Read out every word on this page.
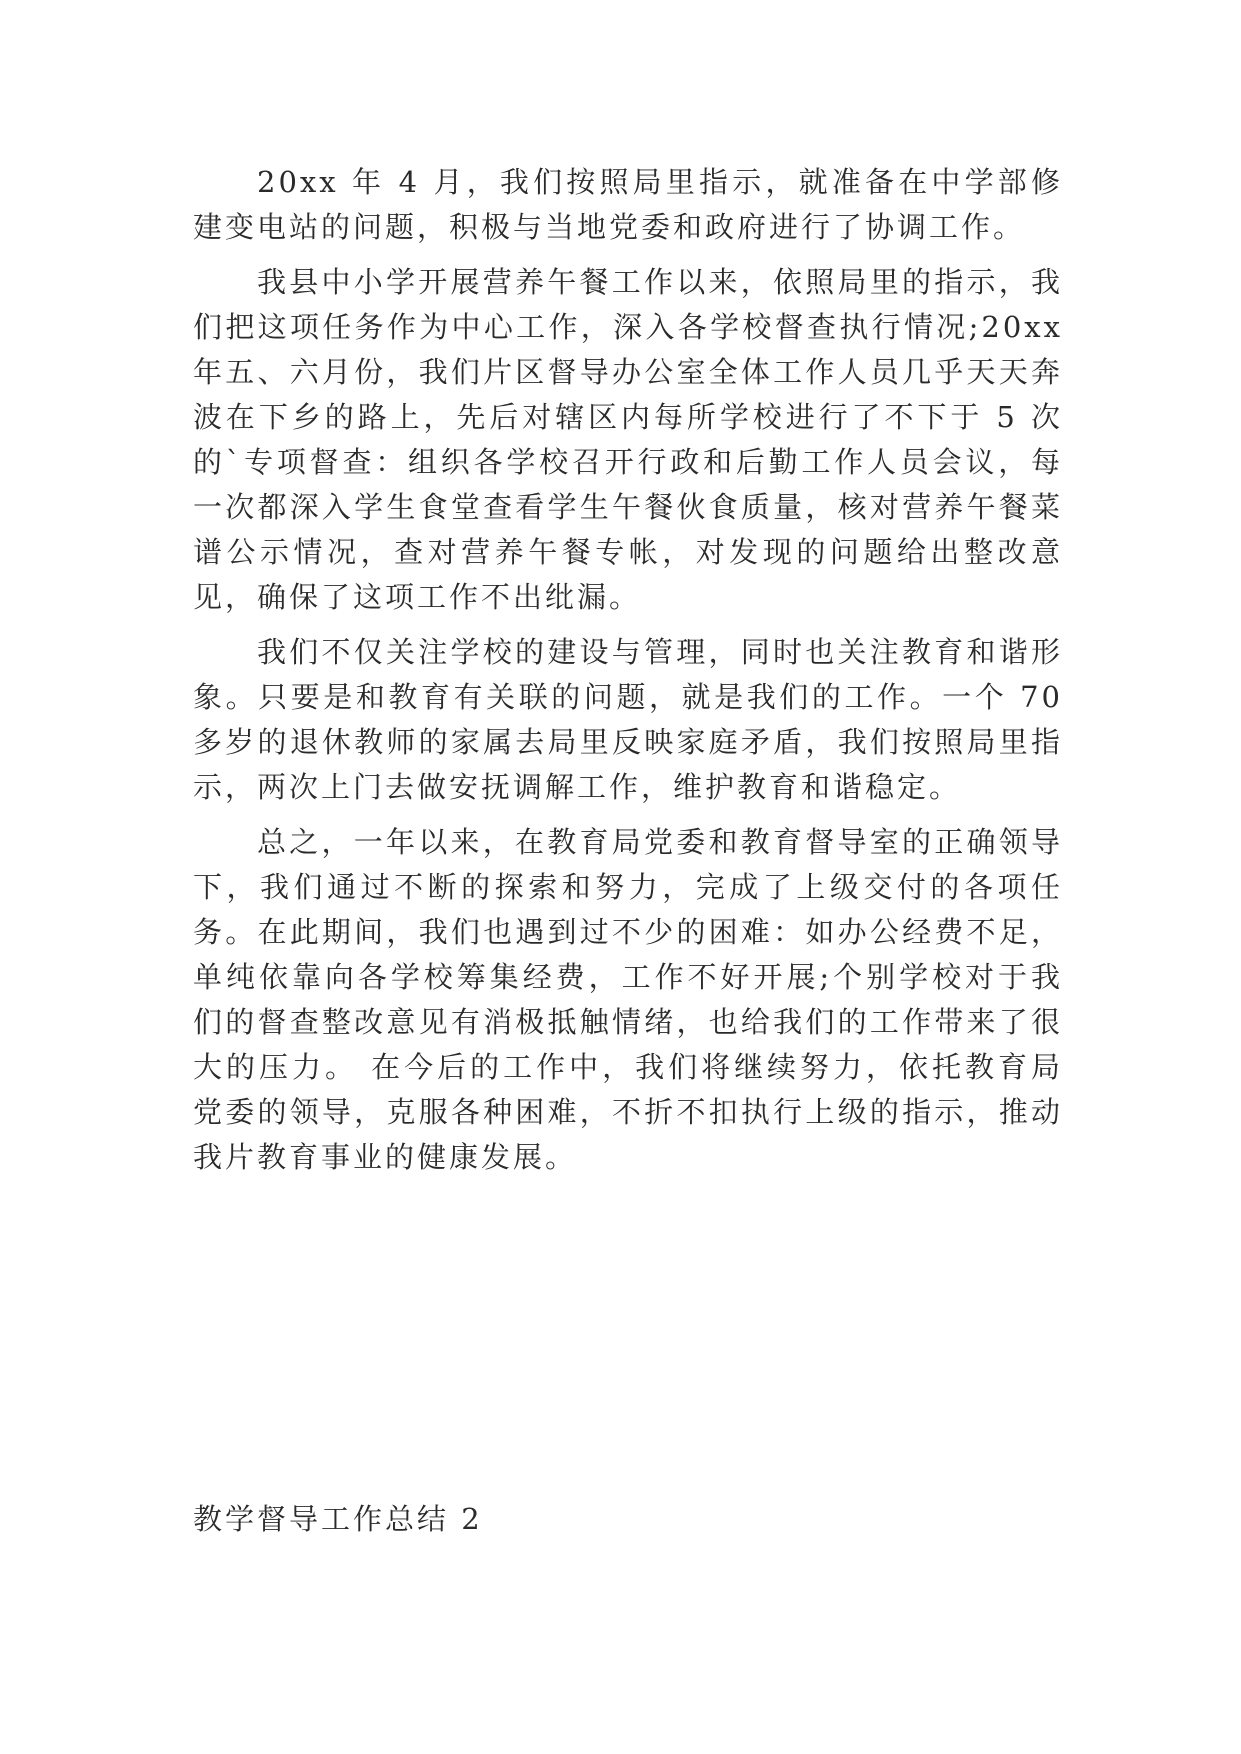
20xx 年 4 月，我们按照局里指示，就准备在中学部修建变电站的问题，积极与当地党委和政府进行了协调工作。

我县中小学开展营养午餐工作以来，依照局里的指示，我们把这项任务作为中心工作，深入各学校督查执行情况;20xx 年五、六月份，我们片区督导办公室全体工作人员几乎天天奔波在下乡的路上，先后对辖区内每所学校进行了不下于 5 次的`专项督查：组织各学校召开行政和后勤工作人员会议，每一次都深入学生食堂查看学生午餐伙食质量，核对营养午餐菜谱公示情况，查对营养午餐专帐，对发现的问题给出整改意见，确保了这项工作不出纰漏。

我们不仅关注学校的建设与管理，同时也关注教育和谐形象。只要是和教育有关联的问题，就是我们的工作。一个 70 多岁的退休教师的家属去局里反映家庭矛盾，我们按照局里指示，两次上门去做安抚调解工作，维护教育和谐稳定。

总之，一年以来，在教育局党委和教育督导室的正确领导下，我们通过不断的探索和努力，完成了上级交付的各项任务。在此期间，我们也遇到过不少的困难：如办公经费不足，单纯依靠向各学校筹集经费，工作不好开展;个别学校对于我们的督查整改意见有消极抵触情绪，也给我们的工作带来了很大的压力。 在今后的工作中，我们将继续努力，依托教育局党委的领导，克服各种困难，不折不扣执行上级的指示，推动我片教育事业的健康发展。

教学督导工作总结 2
